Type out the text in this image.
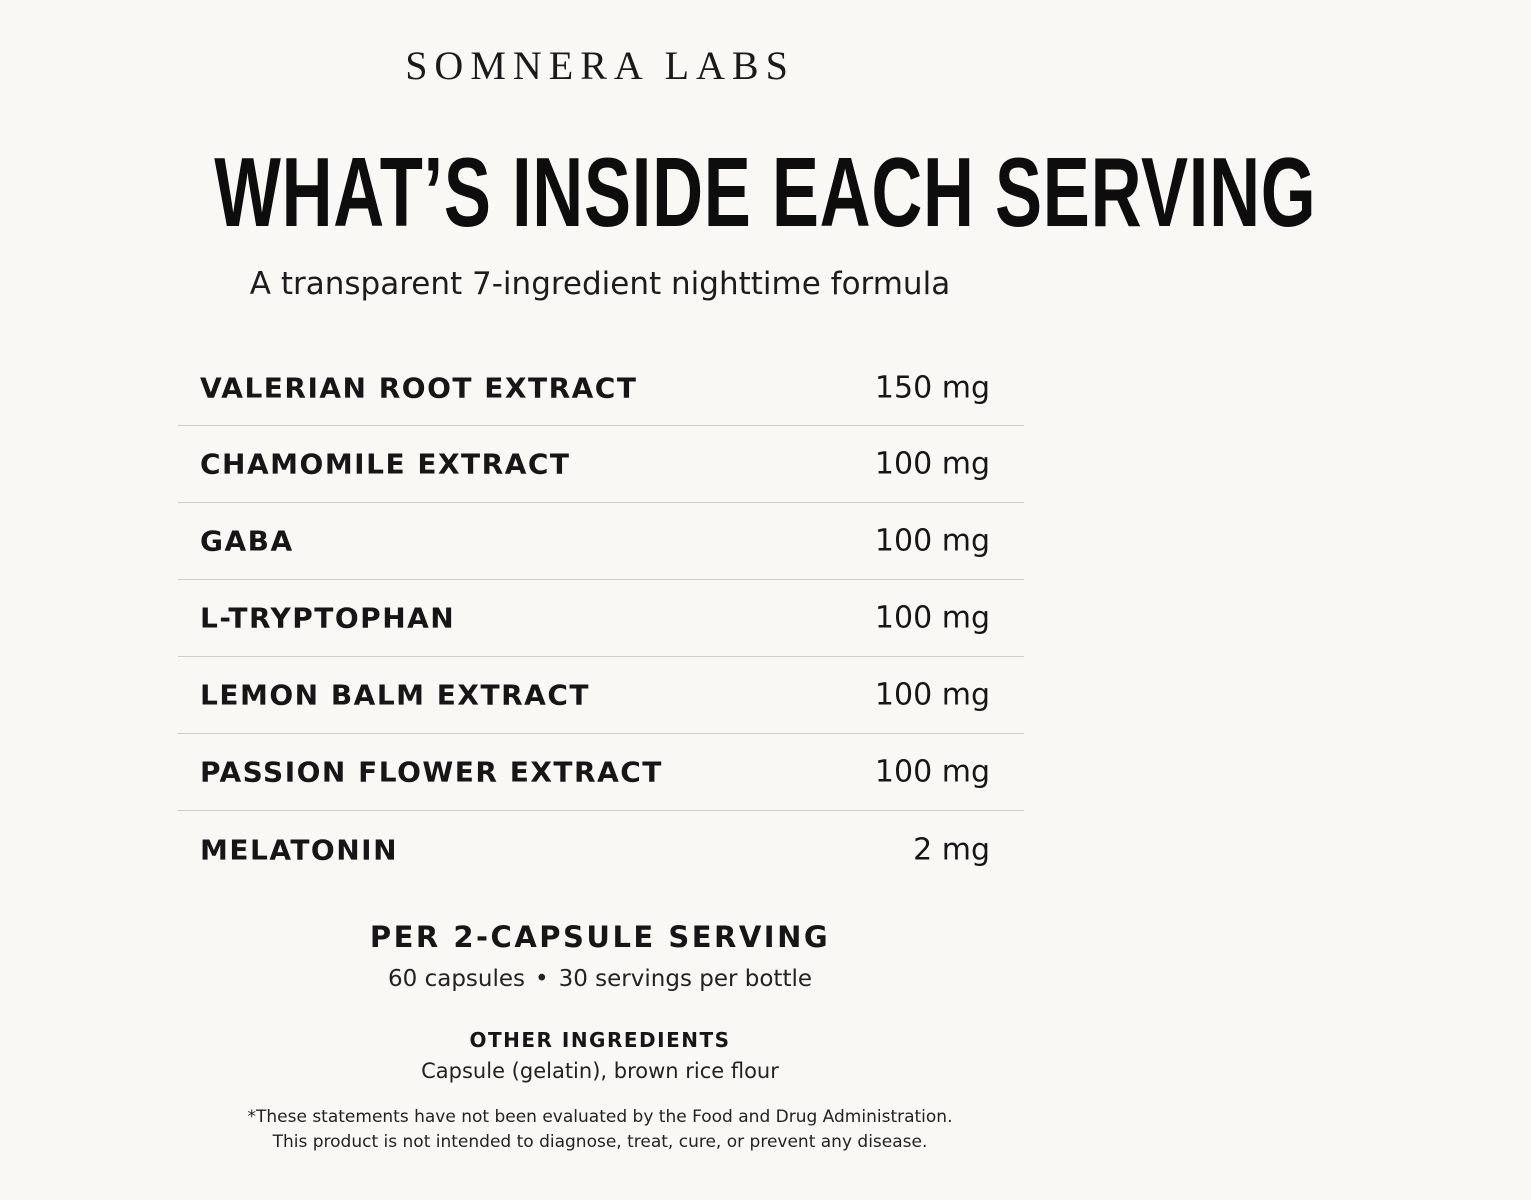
SOMNERA LABS
WHAT’S INSIDE EACH SERVING
A transparent 7-ingredient nighttime formula
VALERIAN ROOT EXTRACT	150 mg
CHAMOMILE EXTRACT	100 mg
GABA	100 mg
L-TRYPTOPHAN	100 mg
LEMON BALM EXTRACT	100 mg
PASSION FLOWER EXTRACT	100 mg
MELATONIN	2 mg
PER 2-CAPSULE SERVING
60 capsules • 30 servings per bottle
OTHER INGREDIENTS
Capsule (gelatin), brown rice flour
*These statements have not been evaluated by the Food and Drug Administration.
This product is not intended to diagnose, treat, cure, or prevent any disease.
